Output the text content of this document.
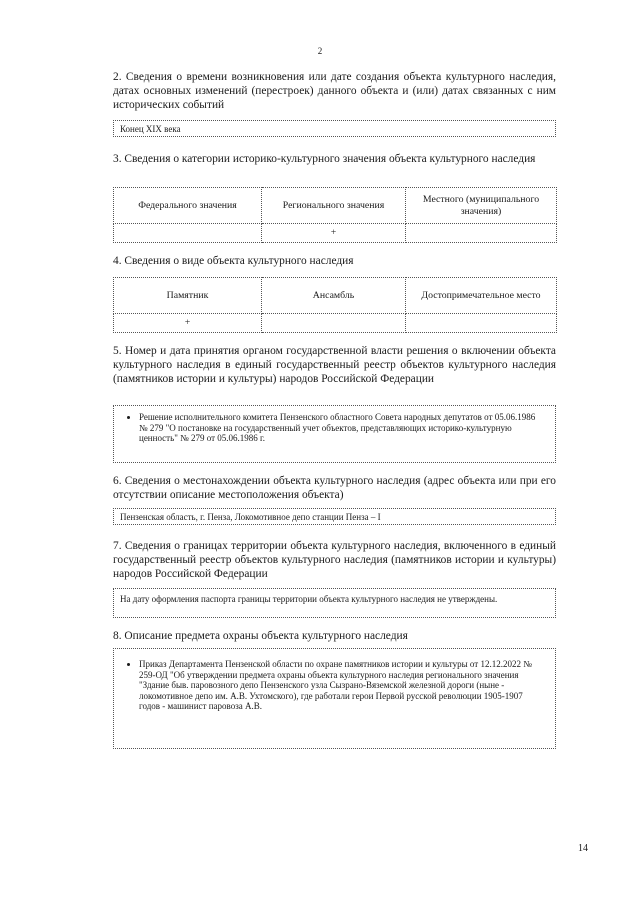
2
2. Сведения о времени возникновения или дате создания объекта культурного наследия, датах основных изменений (перестроек) данного объекта и (или) датах связанных с ним исторических событий
Конец XIX века
3. Сведения о категории историко-культурного значения объекта культурного наследия
Федерального значения	Регионального значения	Местного (муниципального значения)
	+	
4. Сведения о виде объекта культурного наследия
Памятник	Ансамбль	Достопримечательное место
+		
5. Номер и дата принятия органом государственной власти решения о включении объекта культурного наследия в единый государственный реестр объектов культурного наследия (памятников истории и культуры) народов Российской Федерации
• Решение исполнительного комитета Пензенского областного Совета народных депутатов от 05.06.1986 № 279 "О постановке на государственный учет объектов, представляющих историко-культурную ценность" № 279 от 05.06.1986 г.
6. Сведения о местонахождении объекта культурного наследия (адрес объекта или при его отсутствии описание местоположения объекта)
Пензенская область, г. Пенза, Локомотивное депо станции Пенза – I
7. Сведения о границах территории объекта культурного наследия, включенного в единый государственный реестр объектов культурного наследия (памятников истории и культуры) народов Российской Федерации
На дату оформления паспорта границы территории объекта культурного наследия не утверждены.
8. Описание предмета охраны объекта культурного наследия
• Приказ Департамента Пензенской области по охране памятников истории и культуры от 12.12.2022 № 259-ОД "Об утверждении предмета охраны объекта культурного наследия регионального значения "Здание быв. паровозного депо Пензенского узла Сызрано-Вяземской железной дороги (ныне - локомотивное депо им. А.В. Ухтомского), где работали герои Первой русской революции 1905-1907 годов - машинист паровоза А.В.
14
